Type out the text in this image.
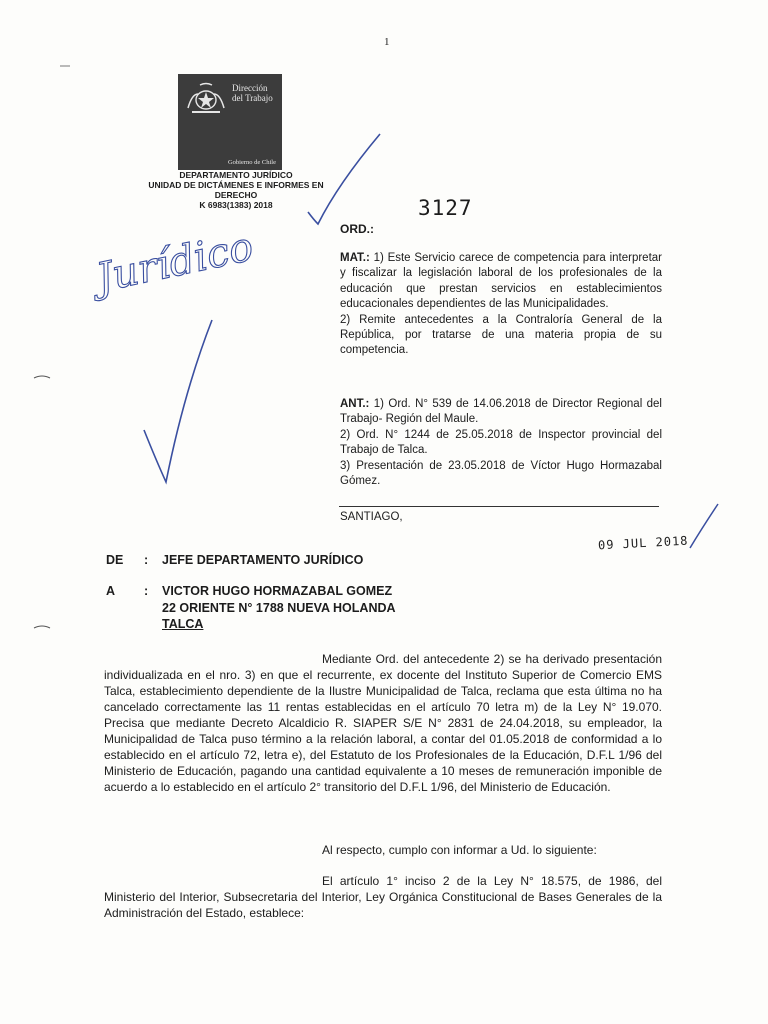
1
Dirección del Trabajo
Gobierno de Chile
DEPARTAMENTO JURÍDICO
UNIDAD DE DICTÁMENES E INFORMES EN
DERECHO
K 6983(1383) 2018	3127
ORD.:
MAT.: 1) Este Servicio carece de competencia para interpretar y fiscalizar la legislación laboral de los profesionales de la educación que prestan servicios en establecimientos educacionales dependientes de las Municipalidades.
2) Remite antecedentes a la Contraloría General de la República, por tratarse de una materia propia de su competencia.
ANT.: 1) Ord. N° 539 de 14.06.2018 de Director Regional del Trabajo- Región del Maule.
2) Ord. N° 1244 de 25.05.2018 de Inspector provincial del Trabajo de Talca.
3) Presentación de 23.05.2018 de Víctor Hugo Hormazabal Gómez.
SANTIAGO,
09 JUL 2018
DE : JEFE DEPARTAMENTO JURÍDICO
A : VICTOR HUGO HORMAZABAL GOMEZ
22 ORIENTE N° 1788 NUEVA HOLANDA
TALCA

Mediante Ord. del antecedente 2) se ha derivado presentación individualizada en el nro. 3) en que el recurrente, ex docente del Instituto Superior de Comercio EMS Talca, establecimiento dependiente de la Ilustre Municipalidad de Talca, reclama que esta última no ha cancelado correctamente las 11 rentas establecidas en el artículo 70 letra m) de la Ley N° 19.070. Precisa que mediante Decreto Alcaldicio R. SIAPER S/E N° 2831 de 24.04.2018, su empleador, la Municipalidad de Talca puso término a la relación laboral, a contar del 01.05.2018 de conformidad a lo establecido en el artículo 72, letra e), del Estatuto de los Profesionales de la Educación, D.F.L 1/96 del Ministerio de Educación, pagando una cantidad equivalente a 10 meses de remuneración imponible de acuerdo a lo establecido en el artículo 2° transitorio del D.F.L 1/96, del Ministerio de Educación.

Al respecto, cumplo con informar a Ud. lo siguiente:

El artículo 1° inciso 2 de la Ley N° 18.575, de 1986, del Ministerio del Interior, Subsecretaria del Interior, Ley Orgánica Constitucional de Bases Generales de la Administración del Estado, establece:

Jurídico
